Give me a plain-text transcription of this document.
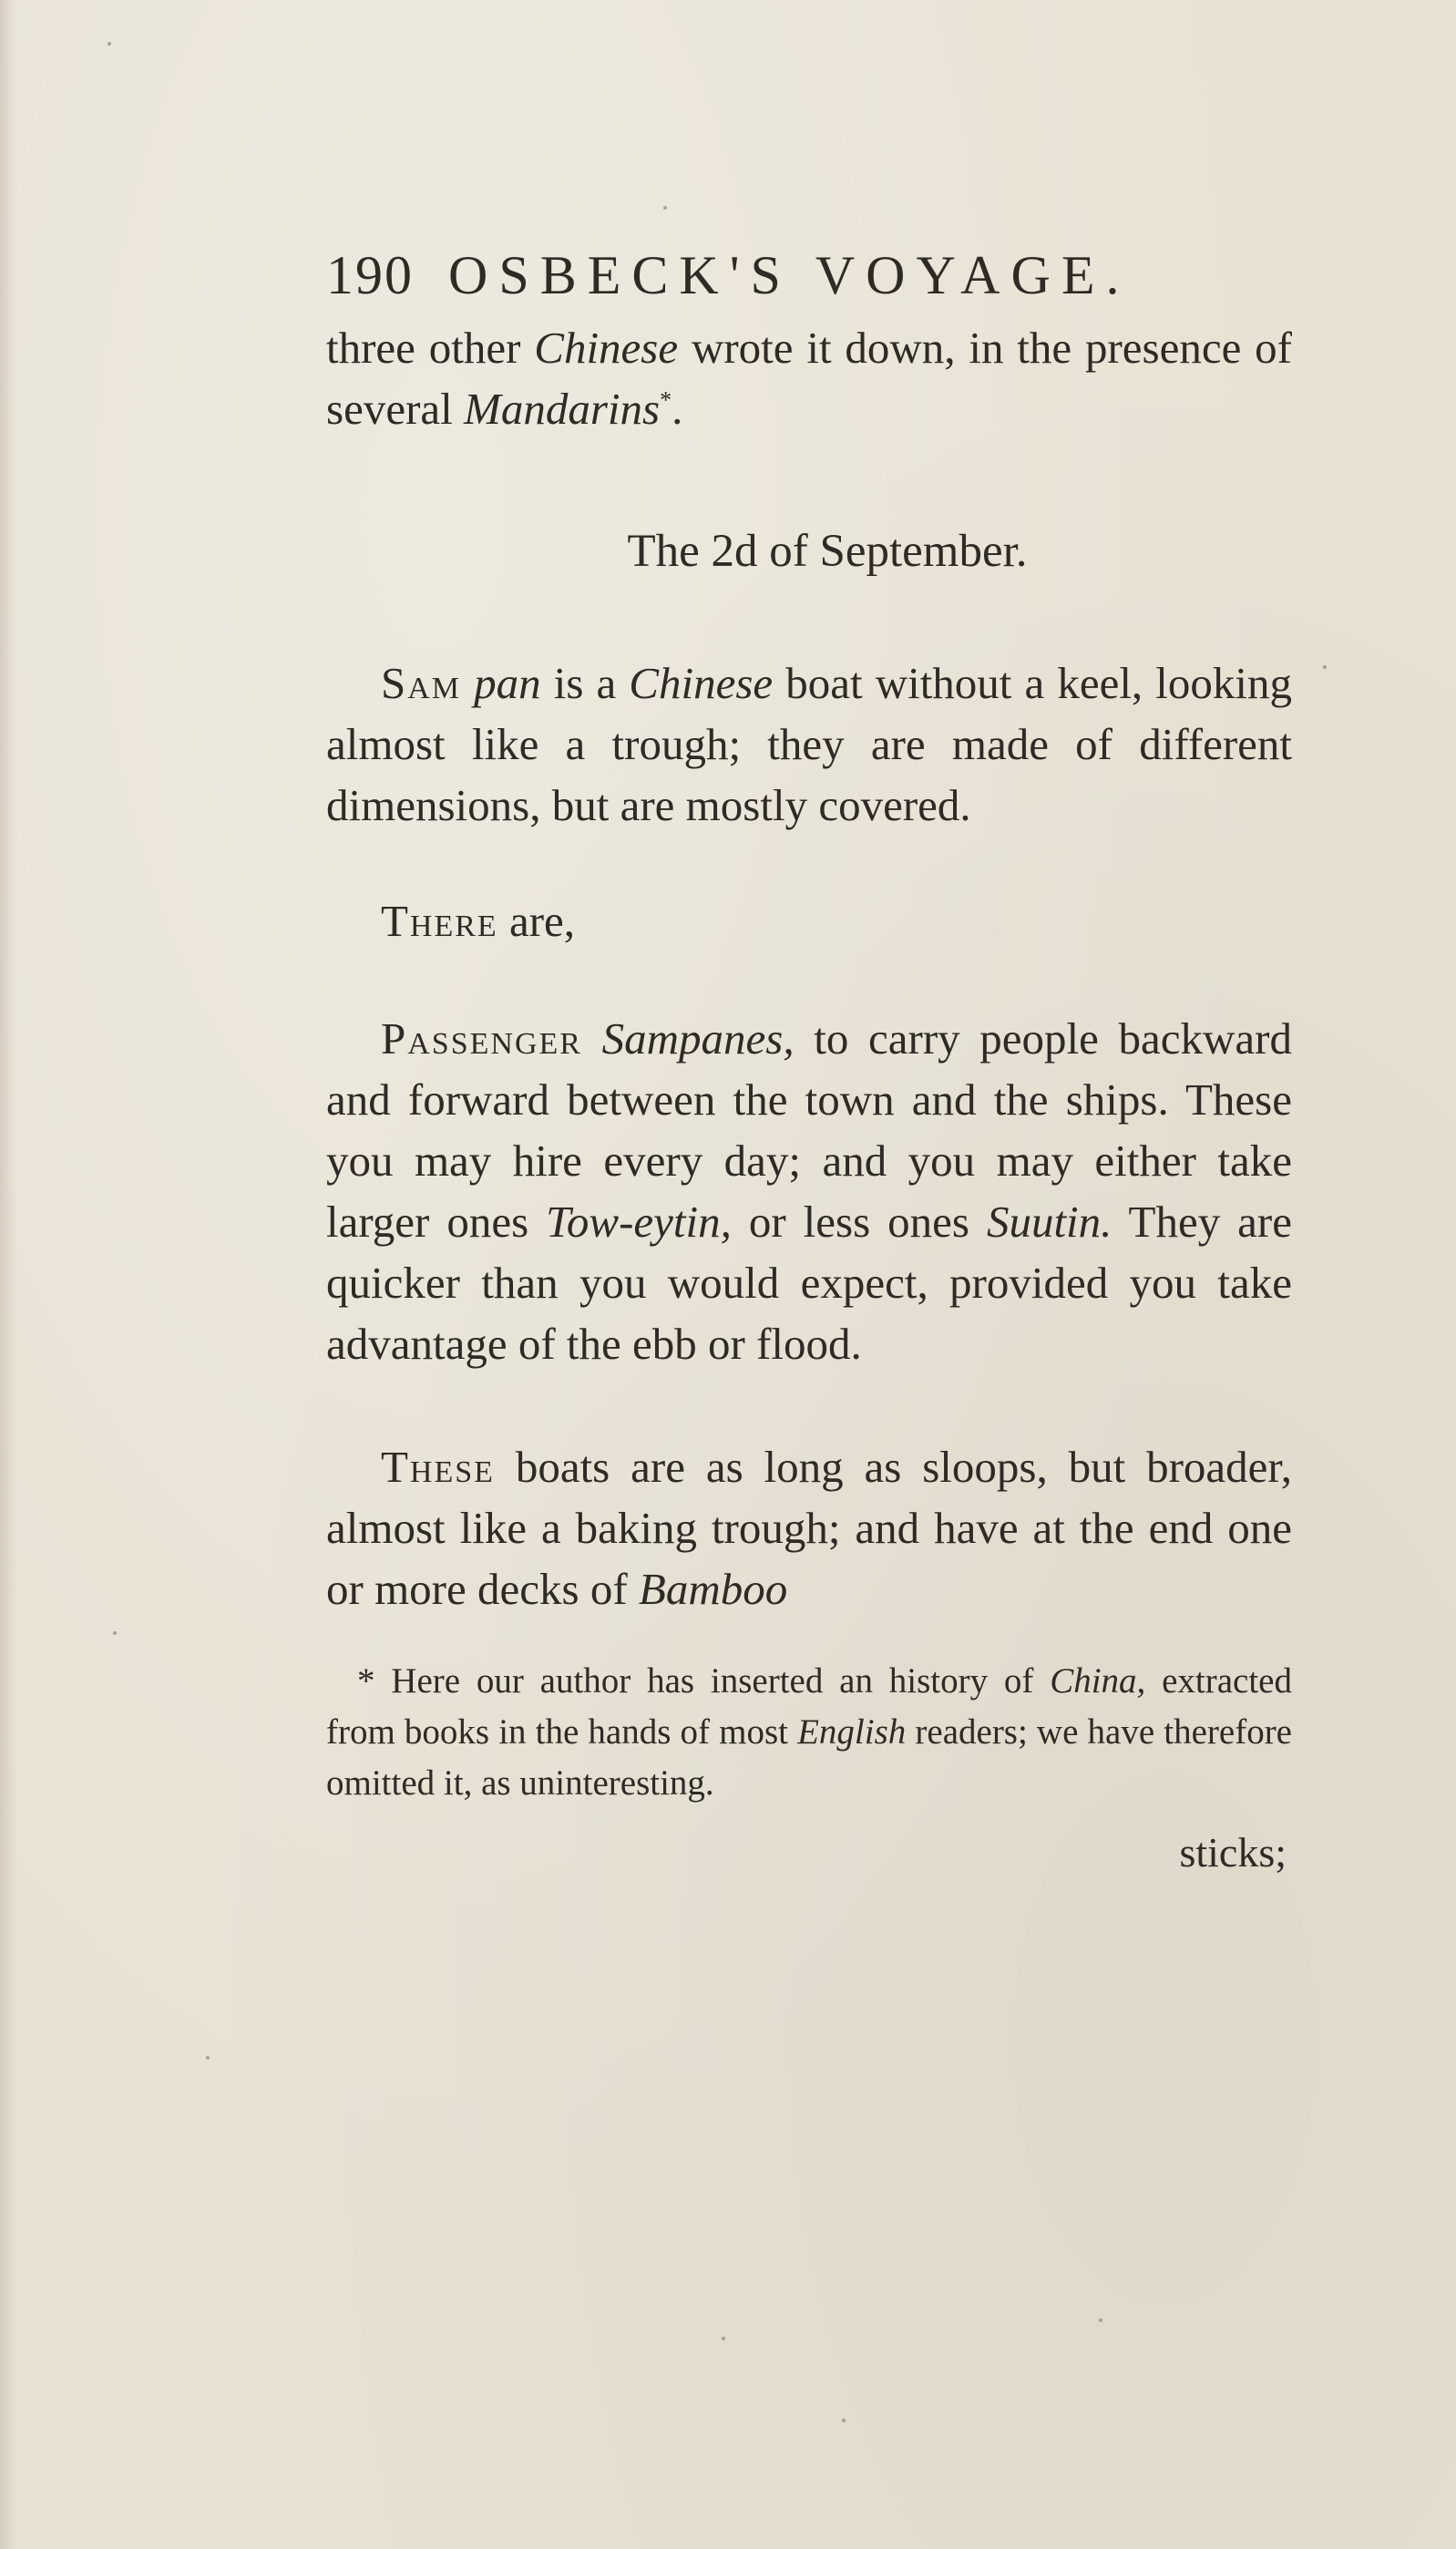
190 OSBECK'S VOYAGE.

three other Chinese wrote it down, in the presence of several Mandarins*.

The 2d of September.

Sam pan is a Chinese boat without a keel, looking almost like a trough; they are made of different dimensions, but are mostly covered.

There are,

Passenger Sampanes, to carry people backward and forward between the town and the ships. These you may hire every day; and you may either take larger ones Tow-eytin, or less ones Suutin. They are quicker than you would expect, provided you take advantage of the ebb or flood.

These boats are as long as sloops, but broader, almost like a baking trough; and have at the end one or more decks of Bamboo

* Here our author has inserted an history of China, extracted from books in the hands of most English readers; we have therefore omitted it, as uninteresting.

sticks;
